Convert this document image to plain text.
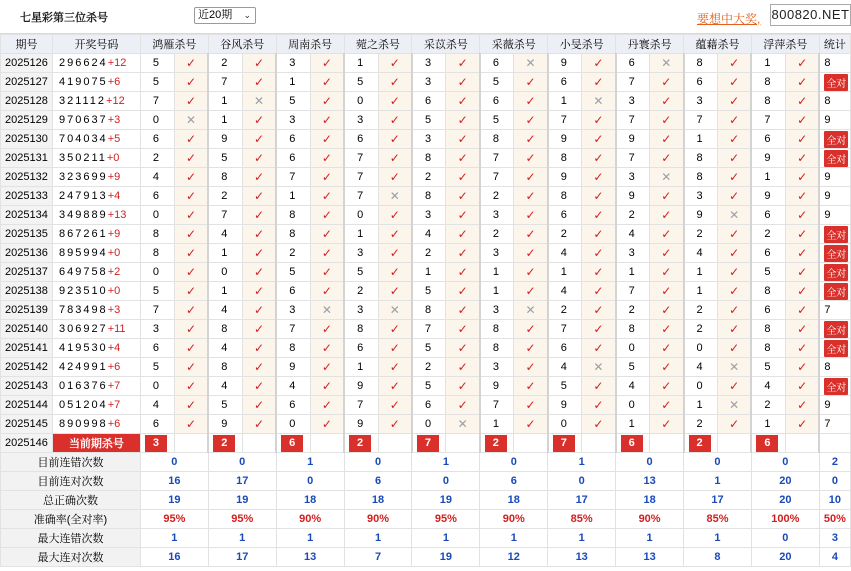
七星彩第三位杀号	近20期 ⌄	要想中大奖, 800820.NET
期号	开奖号码	鸿雁杀号		谷风杀号		周南杀号		菀之杀号		采苡杀号		采薇杀号		小旻杀号		丹寰杀号		蕴藉杀号		浮萍杀号		统计
2025126	296624+12	5	✓	2	✓	3	✓	1	✓	3	✓	6	✕	9	✓	6	✕	8	✓	1	✓	8
2025127	419075+6	5	✓	7	✓	1	✓	5	✓	3	✓	5	✓	6	✓	7	✓	6	✓	8	✓	全对
2025128	321112+12	7	✓	1	✕	5	✓	0	✓	6	✓	6	✓	1	✕	3	✓	3	✓	8	✓	8
2025129	970637+3	0	✕	1	✓	3	✓	3	✓	5	✓	5	✓	7	✓	7	✓	7	✓	7	✓	9
2025130	704034+5	6	✓	9	✓	6	✓	6	✓	3	✓	8	✓	9	✓	9	✓	1	✓	6	✓	全对
2025131	350211+0	2	✓	5	✓	6	✓	7	✓	8	✓	7	✓	8	✓	7	✓	8	✓	9	✓	全对
2025132	323699+9	4	✓	8	✓	7	✓	7	✓	2	✓	7	✓	9	✓	3	✕	8	✓	1	✓	9
2025133	247913+4	6	✓	2	✓	1	✓	7	✕	8	✓	2	✓	8	✓	9	✓	3	✓	9	✓	9
2025134	349889+13	0	✓	7	✓	8	✓	0	✓	3	✓	3	✓	6	✓	2	✓	9	✕	6	✓	9
2025135	867261+9	8	✓	4	✓	8	✓	1	✓	4	✓	2	✓	2	✓	4	✓	2	✓	2	✓	全对
2025136	895994+0	8	✓	1	✓	2	✓	3	✓	2	✓	3	✓	4	✓	3	✓	4	✓	6	✓	全对
2025137	649758+2	0	✓	0	✓	5	✓	5	✓	1	✓	1	✓	1	✓	1	✓	1	✓	5	✓	全对
2025138	923510+0	5	✓	1	✓	6	✓	2	✓	5	✓	1	✓	4	✓	7	✓	1	✓	8	✓	全对
2025139	783498+3	7	✓	4	✓	3	✕	3	✕	8	✓	3	✕	2	✓	2	✓	2	✓	6	✓	7
2025140	306927+11	3	✓	8	✓	7	✓	8	✓	7	✓	8	✓	7	✓	8	✓	2	✓	8	✓	全对
2025141	419530+4	6	✓	4	✓	8	✓	6	✓	5	✓	8	✓	6	✓	0	✓	0	✓	8	✓	全对
2025142	424991+6	5	✓	8	✓	9	✓	1	✓	2	✓	3	✓	4	✕	5	✓	4	✕	5	✓	8
2025143	016376+7	0	✓	4	✓	4	✓	9	✓	5	✓	9	✓	5	✓	4	✓	0	✓	4	✓	全对
2025144	051204+7	4	✓	5	✓	6	✓	7	✓	6	✓	7	✓	9	✓	0	✓	1	✕	2	✓	9
2025145	890998+6	6	✓	9	✓	0	✓	9	✓	0	✕	1	✓	0	✓	1	✓	2	✓	1	✓	7
2025146	当前期杀号	3		2		6		2		7		2		7		6		2		6		
目前连错次数		0		0		1		0		1		0		1		0		0		0		2
目前连对次数		16		17		0		6		0		6		0		13		1		20		0
总正确次数		19		19		18		18		19		18		17		18		17		20		10
准确率(全对率)		95%		95%		90%		90%		95%		90%		85%		90%		85%		100%		50%
最大连错次数		1		1		1		1		1		1		1		1		1		0		3
最大连对次数		16		17		13		7		19		12		13		13		8		20		4
